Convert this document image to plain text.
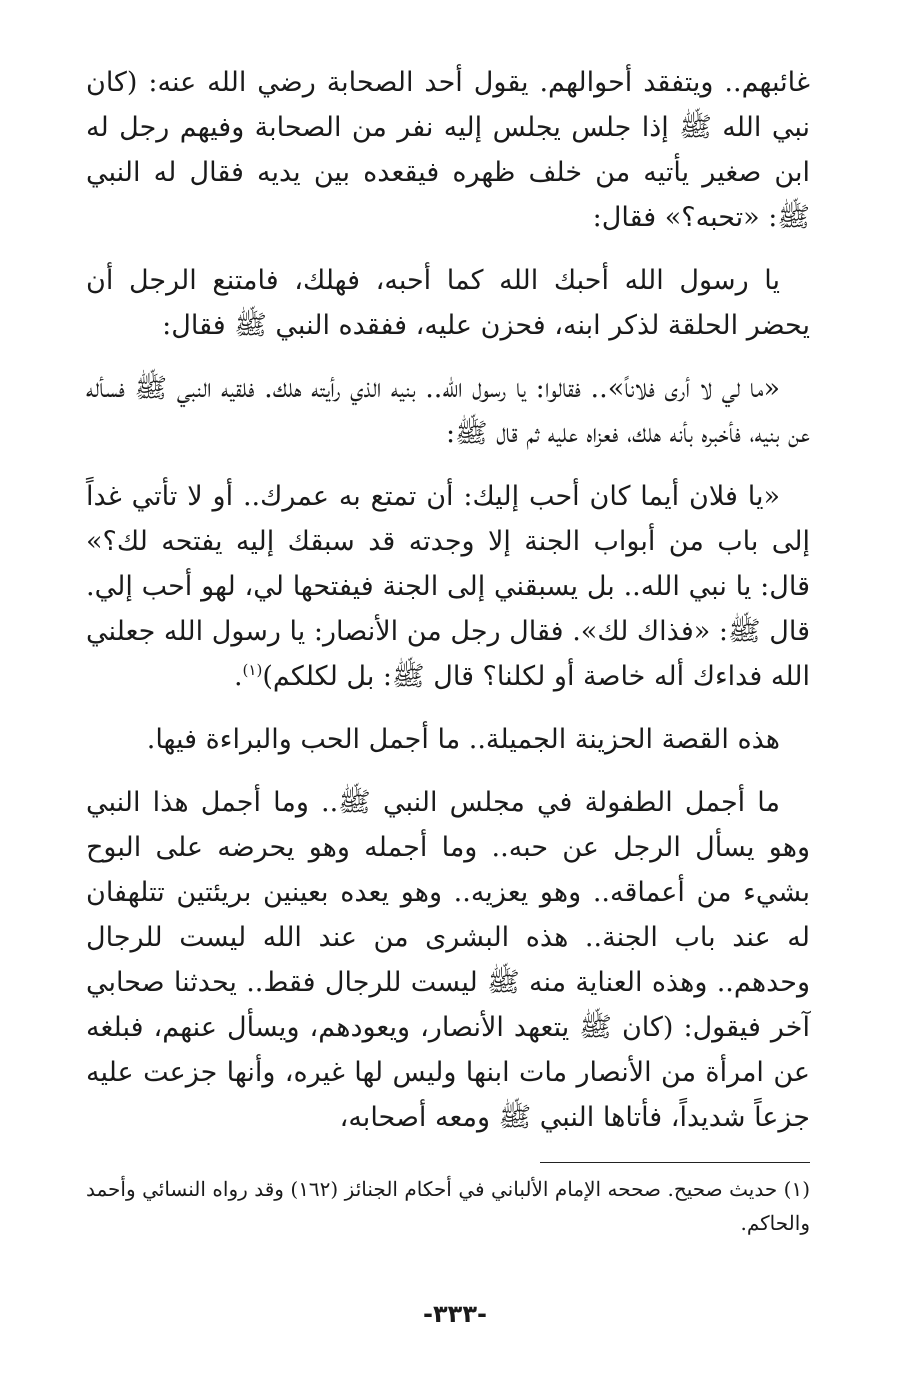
غائبهم.. ويتفقد أحوالهم. يقول أحد الصحابة رضي الله عنه: (كان نبي الله ﷺ إذا جلس يجلس إليه نفر من الصحابة وفيهم رجل له ابن صغير يأتيه من خلف ظهره فيقعده بين يديه فقال له النبي ﷺ: «تحبه؟» فقال:

يا رسول الله أحبك الله كما أحبه، فهلك، فامتنع الرجل أن يحضر الحلقة لذكر ابنه، فحزن عليه، ففقده النبي ﷺ فقال:

«ما لي لا أرى فلاناً».. فقالوا: يا رسول الله.. بنيه الذي رأيته هلك. فلقيه النبي ﷺ فسأله عن بنيه، فأخبره بأنه هلك، فعزاه عليه ثم قال ﷺ:

«يا فلان أيما كان أحب إليك: أن تمتع به عمرك.. أو لا تأتي غداً إلى باب من أبواب الجنة إلا وجدته قد سبقك إليه يفتحه لك؟» قال: يا نبي الله.. بل يسبقني إلى الجنة فيفتحها لي، لهو أحب إلي. قال ﷺ: «فذاك لك». فقال رجل من الأنصار: يا رسول الله جعلني الله فداءك أله خاصة أو لكلنا؟ قال ﷺ: بل لكلكم)$^{(١)}$.

هذه القصة الحزينة الجميلة.. ما أجمل الحب والبراءة فيها.

ما أجمل الطفولة في مجلس النبي ﷺ.. وما أجمل هذا النبي وهو يسأل الرجل عن حبه.. وما أجمله وهو يحرضه على البوح بشيء من أعماقه.. وهو يعزيه.. وهو يعده بعينين بريئتين تتلهفان له عند باب الجنة.. هذه البشرى من عند الله ليست للرجال وحدهم.. وهذه العناية منه ﷺ ليست للرجال فقط.. يحدثنا صحابي آخر فيقول: (كان ﷺ يتعهد الأنصار، ويعودهم، ويسأل عنهم، فبلغه عن امرأة من الأنصار مات ابنها وليس لها غيره، وأنها جزعت عليه جزعاً شديداً، فأتاها النبي ﷺ ومعه أصحابه،

(١) حديث صحيح. صححه الإمام الألباني في أحكام الجنائز (١٦٢) وقد رواه النسائي وأحمد والحاكم.

-٣٣٣-
